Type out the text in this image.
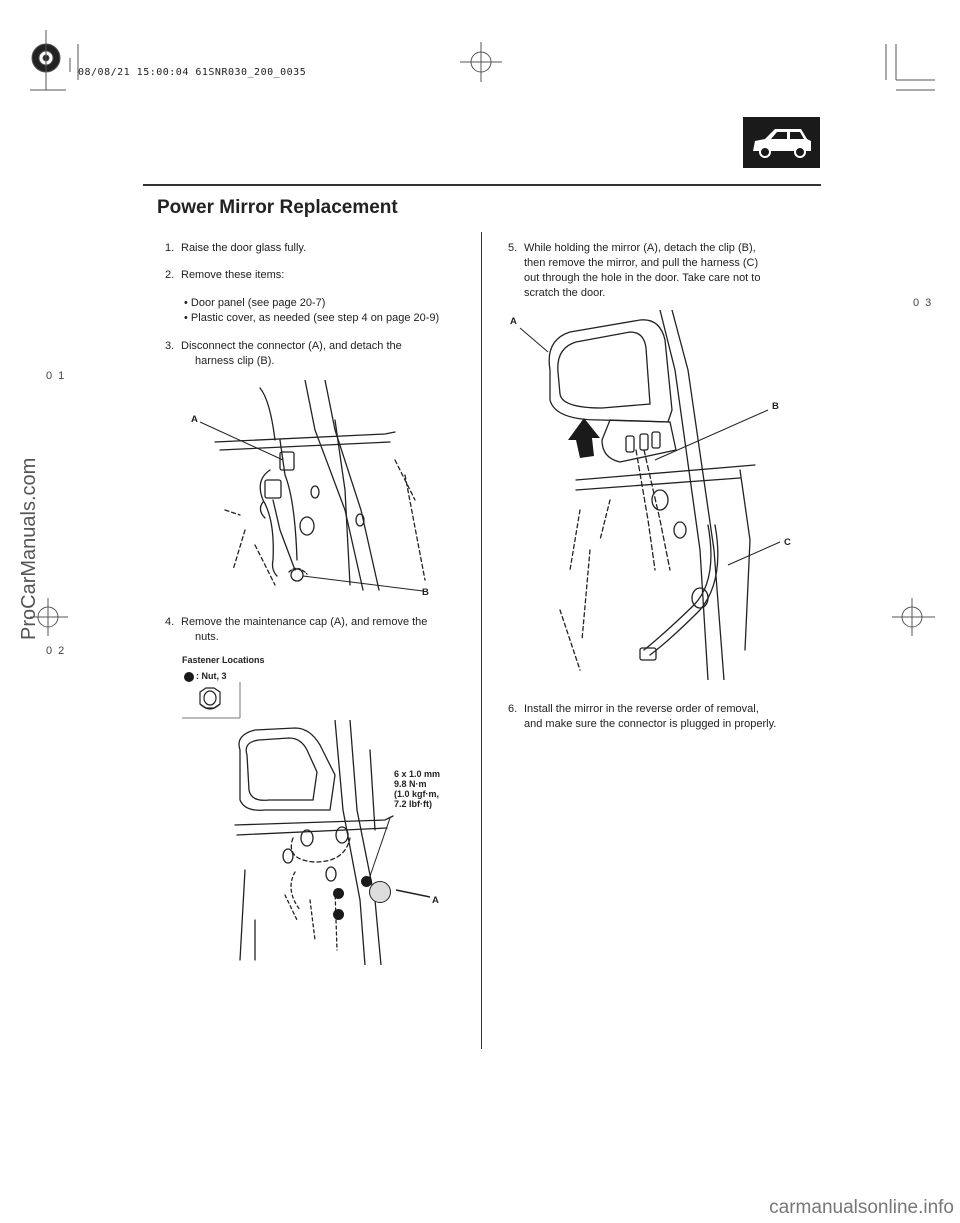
08/08/21 15:00:04 61SNR030_200_0035
Power Mirror Replacement
03
01
02
1. Raise the door glass fully.
2. Remove these items:
• Door panel (see page 20-7)
• Plastic cover, as needed (see step 4 on page 20-9)
3. Disconnect the connector (A), and detach the
harness clip (B).
A
B
4. Remove the maintenance cap (A), and remove the
nuts.
Fastener Locations
: Nut, 3
6 x 1.0 mm
9.8 N·m
(1.0 kgf·m,
7.2 lbf·ft)
A
5. While holding the mirror (A), detach the clip (B),
then remove the mirror, and pull the harness (C)
out through the hole in the door. Take care not to
scratch the door.
A
B
C
6. Install the mirror in the reverse order of removal,
and make sure the connector is plugged in properly.
ProCarManuals.com
carmanualsonline.info
